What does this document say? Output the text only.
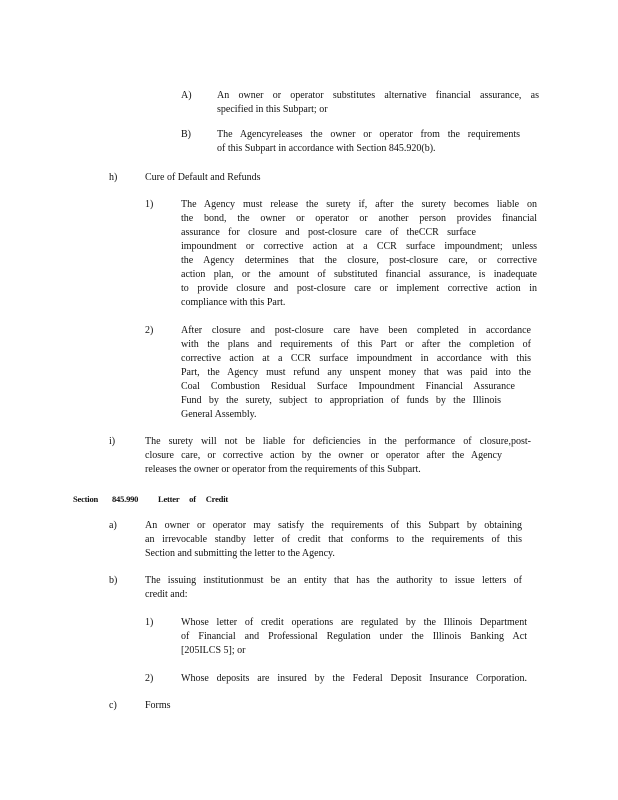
A)	An owner or operator substitutes alternative financial assurance, as
specified in this Subpart; or
B)	The Agencyreleases the owner or operator from the requirements
of this Subpart in accordance with Section 845.920(b).
h)	Cure of Default and Refunds
1)	The Agency must release the surety if, after the surety becomes liable on
the bond, the owner or operator or another person provides financial
assurance for closure and post-closure care of theCCR surface
impoundment or corrective action at a CCR surface impoundment; unless
the Agency determines that the closure, post-closure care, or corrective
action plan, or the amount of substituted financial assurance, is inadequate
to provide closure and post-closure care or implement corrective action in
compliance with this Part.
2)	After closure and post-closure care have been completed in accordance
with the plans and requirements of this Part or after the completion of
corrective action at a CCR surface impoundment in accordance with this
Part, the Agency must refund any unspent money that was paid into the
Coal Combustion Residual Surface Impoundment Financial Assurance
Fund by the surety, subject to appropriation of funds by the Illinois
General Assembly.
i)	The surety will not be liable for deficiencies in the performance of closure,post-
closure care, or corrective action by the owner or operator after the Agency
releases the owner or operator from the requirements of this Subpart.
Section 845.990 Letter of Credit
a)	An owner or operator may satisfy the requirements of this Subpart by obtaining
an irrevocable standby letter of credit that conforms to the requirements of this
Section and submitting the letter to the Agency.
b)	The issuing institutionmust be an entity that has the authority to issue letters of
credit and:
1)	Whose letter of credit operations are regulated by the Illinois Department
of Financial and Professional Regulation under the Illinois Banking Act
[205ILCS 5]; or
2)	Whose deposits are insured by the Federal Deposit Insurance Corporation.
c)	Forms
